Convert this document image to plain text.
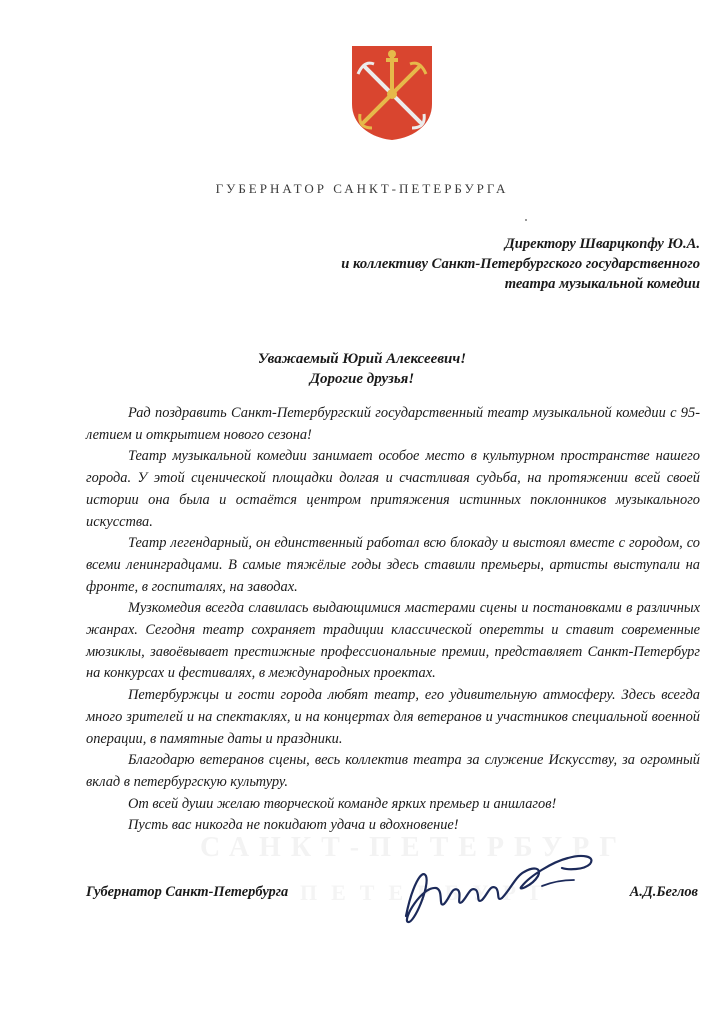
САНКТ-ПЕТЕРБУРГ
ПЕТЕРБУРГ
ГУБЕРНАТОР САНКТ-ПЕТЕРБУРГА
Директору Шварцкопфу Ю.А.
и коллективу Санкт-Петербургского государственного
театра музыкальной комедии
Уважаемый Юрий Алексеевич!
Дорогие друзья!

Рад поздравить Санкт-Петербургский государственный театр музыкальной комедии с 95-летием и открытием нового сезона!

Театр музыкальной комедии занимает особое место в культурном пространстве нашего города. У этой сценической площадки долгая и счастливая судьба, на протяжении всей своей истории она была и остаётся центром притяжения истинных поклонников музыкального искусства.

Театр легендарный, он единственный работал всю блокаду и выстоял вместе с городом, со всеми ленинградцами. В самые тяжёлые годы здесь ставили премьеры, артисты выступали на фронте, в госпиталях, на заводах.

Музкомедия всегда славилась выдающимися мастерами сцены и постановками в различных жанрах. Сегодня театр сохраняет традиции классической оперетты и ставит современные мюзиклы, завоёвывает престижные профессиональные премии, представляет Санкт-Петербург на конкурсах и фестивалях, в международных проектах.

Петербуржцы и гости города любят театр, его удивительную атмосферу. Здесь всегда много зрителей и на спектаклях, и на концертах для ветеранов и участников специальной военной операции, в памятные даты и праздники.

Благодарю ветеранов сцены, весь коллектив театра за служение Искусству, за огромный вклад в петербургскую культуру.

От всей души желаю творческой команде ярких премьер и аншлагов!

Пусть вас никогда не покидают удача и вдохновение!

Губернатор Санкт-Петербурга	А.Д.Беглов
